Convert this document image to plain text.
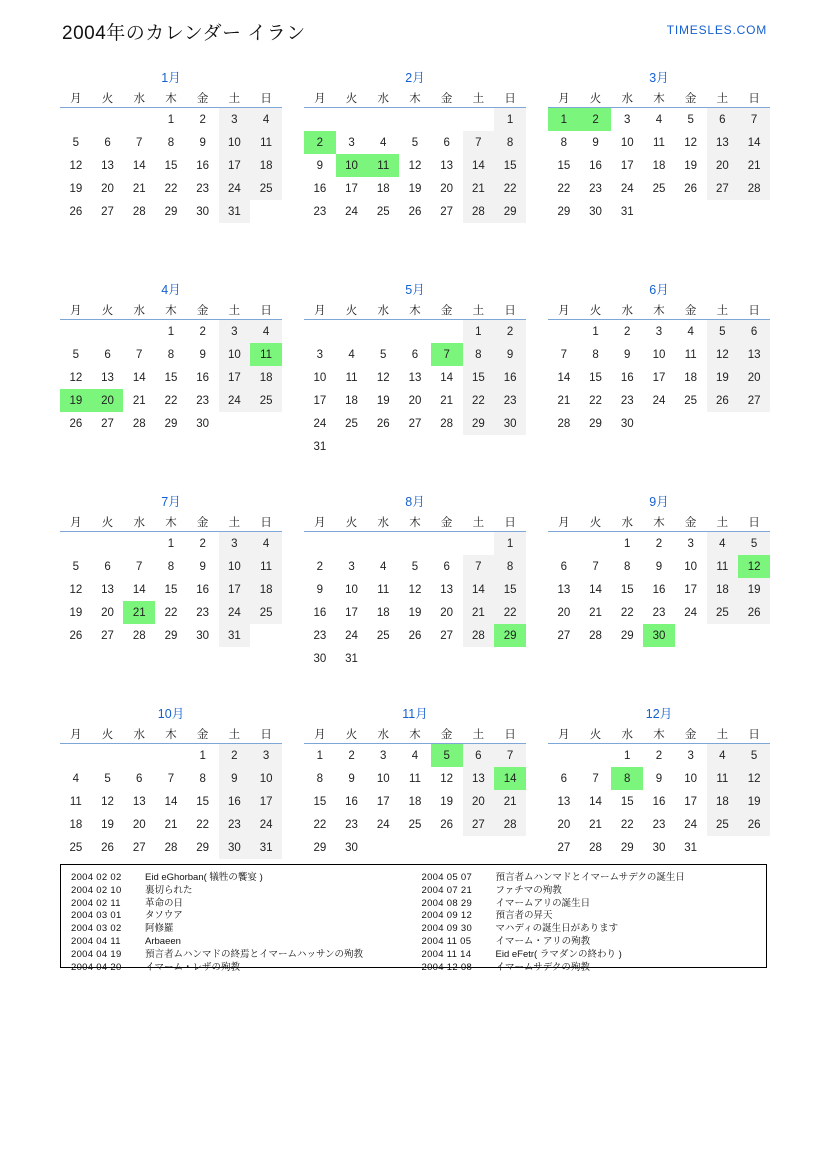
2004年のカレンダー イラン	TIMESLES.COM
1月
月	火	水	木	金	土	日
			1	2	3	4
5	6	7	8	9	10	11
12	13	14	15	16	17	18
19	20	21	22	23	24	25
26	27	28	29	30	31	
2月
月	火	水	木	金	土	日
						1
2	3	4	5	6	7	8
9	10	11	12	13	14	15
16	17	18	19	20	21	22
23	24	25	26	27	28	29
3月
月	火	水	木	金	土	日
1	2	3	4	5	6	7
8	9	10	11	12	13	14
15	16	17	18	19	20	21
22	23	24	25	26	27	28
29	30	31				
4月
月	火	水	木	金	土	日
			1	2	3	4
5	6	7	8	9	10	11
12	13	14	15	16	17	18
19	20	21	22	23	24	25
26	27	28	29	30		
5月
月	火	水	木	金	土	日
					1	2
3	4	5	6	7	8	9
10	11	12	13	14	15	16
17	18	19	20	21	22	23
24	25	26	27	28	29	30
31						
6月
月	火	水	木	金	土	日
	1	2	3	4	5	6
7	8	9	10	11	12	13
14	15	16	17	18	19	20
21	22	23	24	25	26	27
28	29	30				
7月
月	火	水	木	金	土	日
			1	2	3	4
5	6	7	8	9	10	11
12	13	14	15	16	17	18
19	20	21	22	23	24	25
26	27	28	29	30	31	
8月
月	火	水	木	金	土	日
						1
2	3	4	5	6	7	8
9	10	11	12	13	14	15
16	17	18	19	20	21	22
23	24	25	26	27	28	29
30	31					
9月
月	火	水	木	金	土	日
		1	2	3	4	5
6	7	8	9	10	11	12
13	14	15	16	17	18	19
20	21	22	23	24	25	26
27	28	29	30			
10月
月	火	水	木	金	土	日
				1	2	3
4	5	6	7	8	9	10
11	12	13	14	15	16	17
18	19	20	21	22	23	24
25	26	27	28	29	30	31
11月
月	火	水	木	金	土	日
1	2	3	4	5	6	7
8	9	10	11	12	13	14
15	16	17	18	19	20	21
22	23	24	25	26	27	28
29	30					
12月
月	火	水	木	金	土	日
		1	2	3	4	5
6	7	8	9	10	11	12
13	14	15	16	17	18	19
20	21	22	23	24	25	26
27	28	29	30	31		
2004 02 02 Eid eGhorban( 犠牲の饗宴 )
2004 02 10 裏切られた
2004 02 11	革命の日
2004 03 01 タソウア
2004 03 02 阿修羅
2004 04 11	Arbaeen
2004 04 19 預言者ムハンマドの終焉とイマームハッサンの殉教
2004 04 20 イマーム・レザの殉教
2004 05 07 預言者ムハンマドとイマームサデクの誕生日
2004 07 21 ファチマの殉教
2004 08 29 イマームアリの誕生日
2004 09 12 預言者の昇天
2004 09 30 マハディの誕生日があります
2004 11 05	イマーム・アリの殉教
2004 11 14	Eid eFetr( ラマダンの終わり )
2004 12 08 イマームサデクの殉教
